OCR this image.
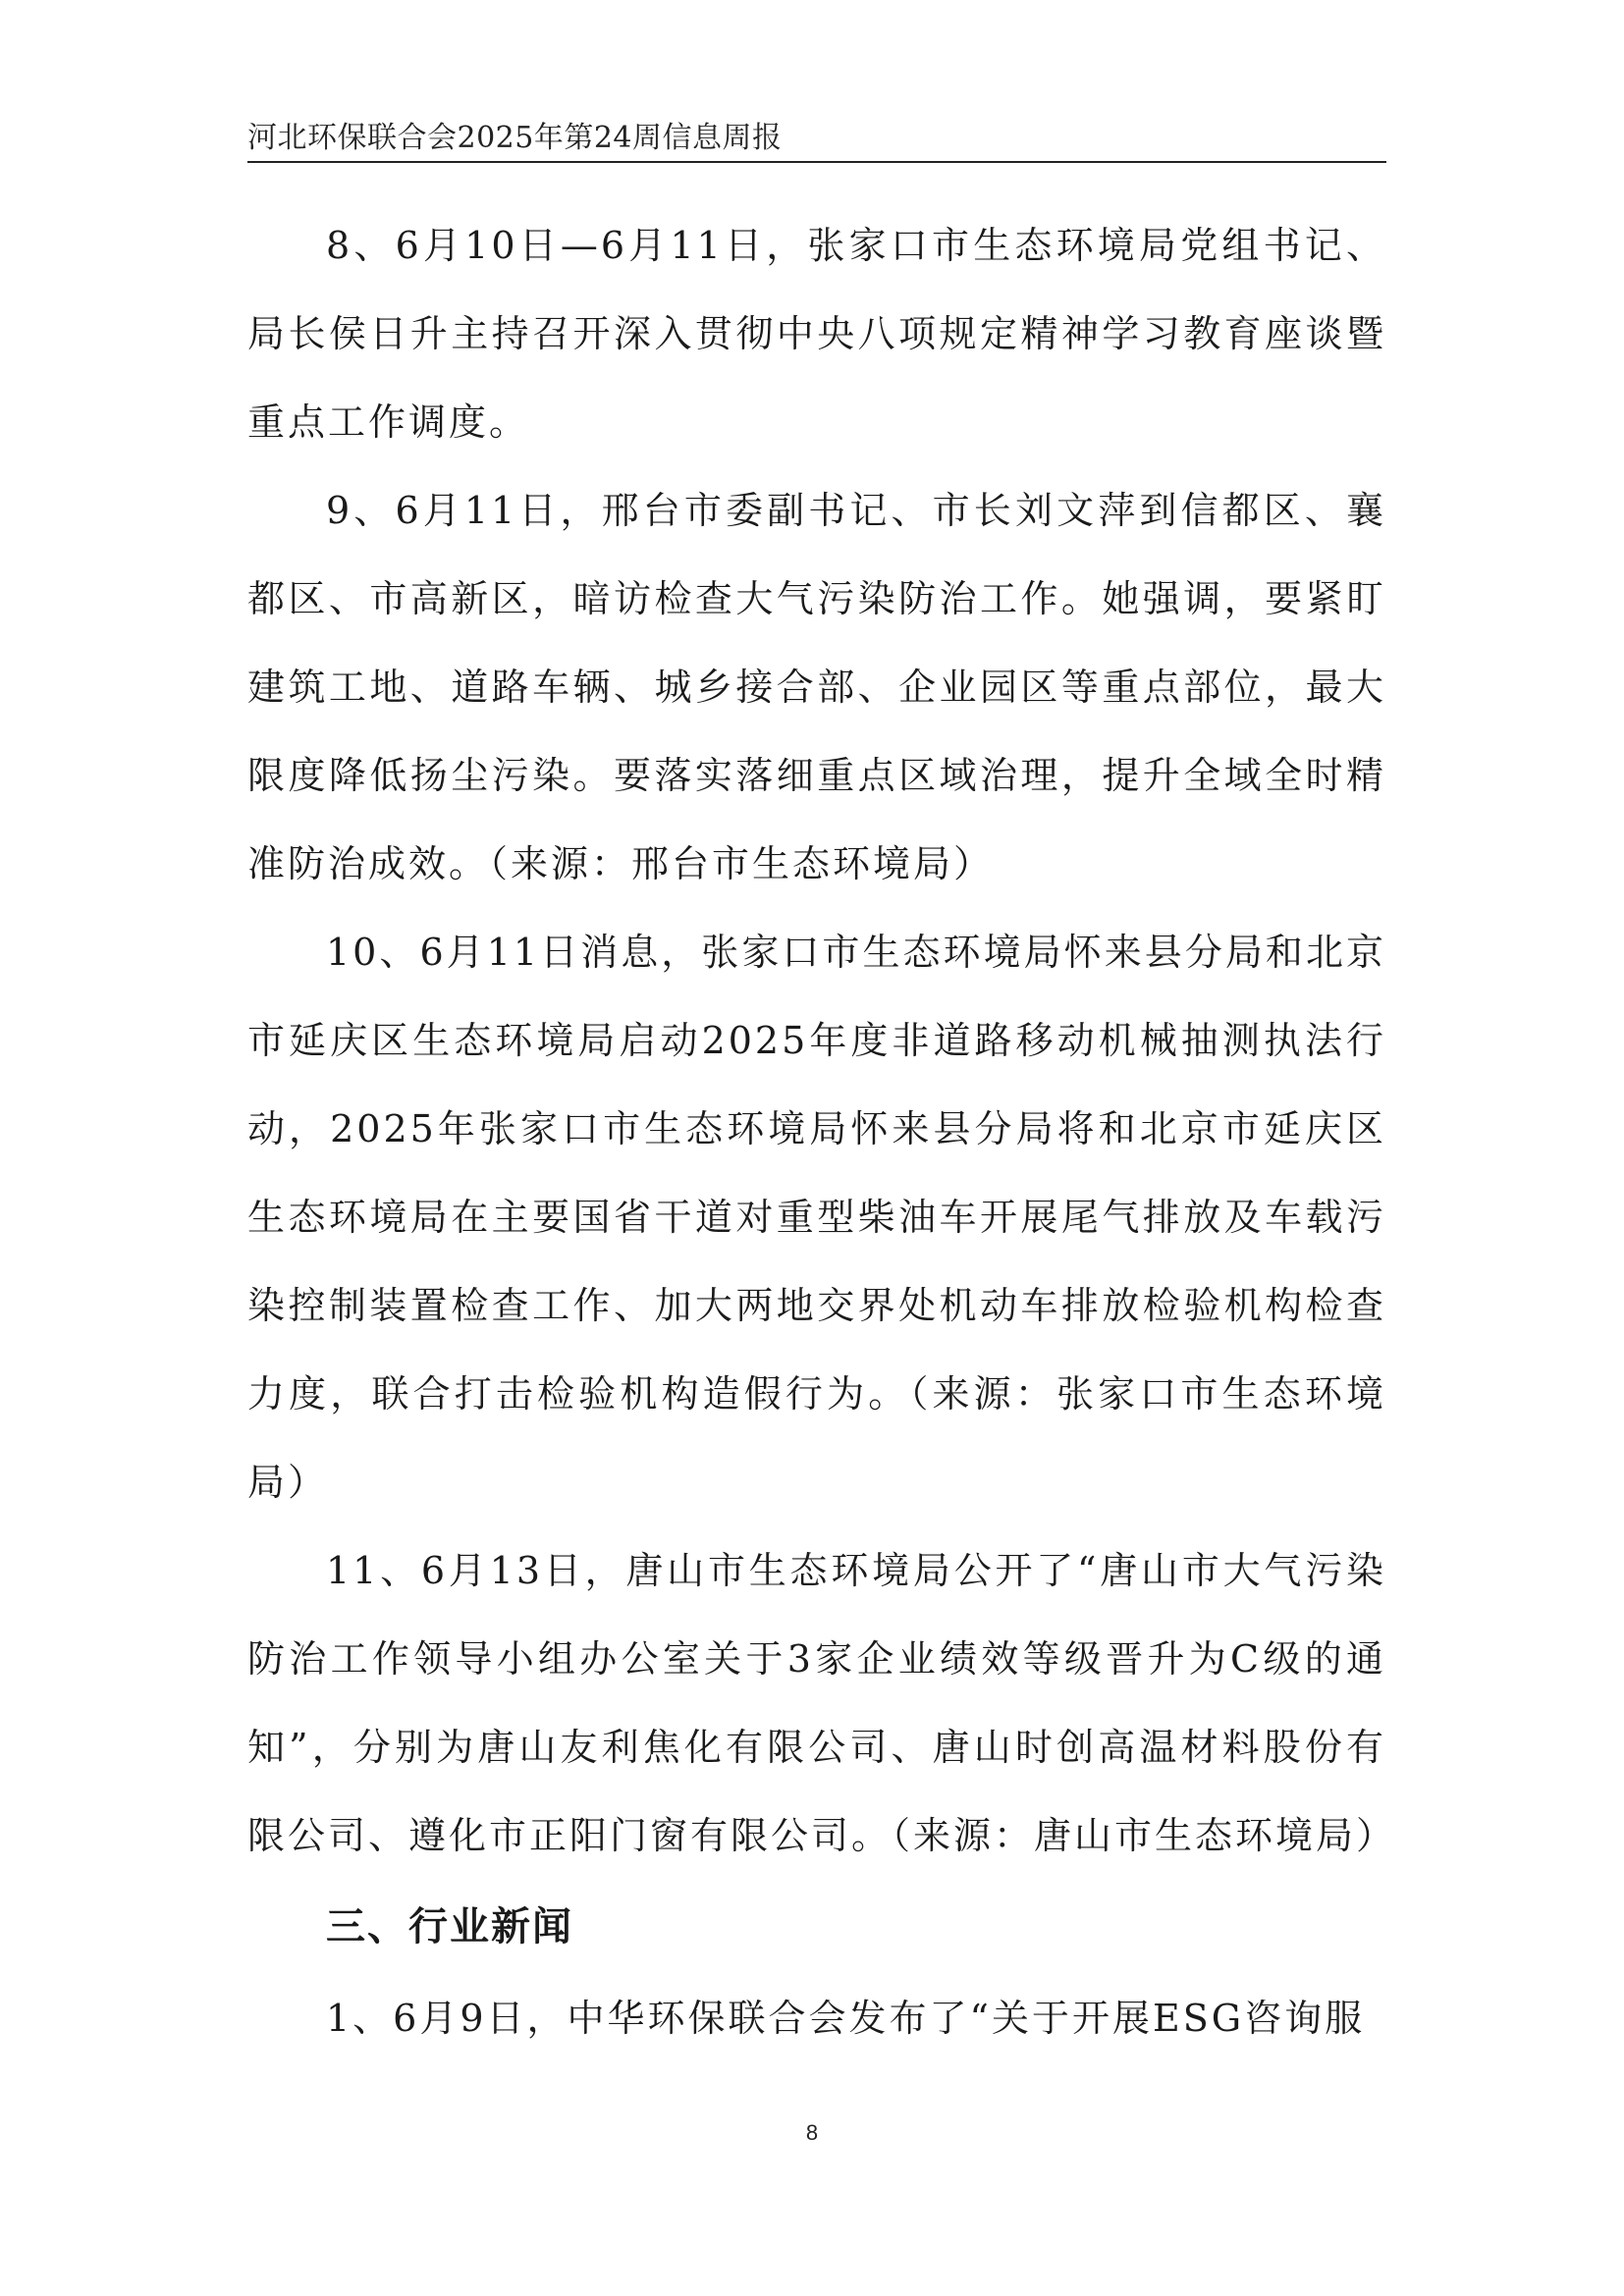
河北环保联合会2025年第24周信息周报

8、6月10日—6月11日，张家口市生态环境局党组书记、局长侯日升主持召开深入贯彻中央八项规定精神学习教育座谈暨重点工作调度。

9、6月11日，邢台市委副书记、市长刘文萍到信都区、襄都区、市高新区，暗访检查大气污染防治工作。她强调，要紧盯建筑工地、道路车辆、城乡接合部、企业园区等重点部位，最大限度降低扬尘污染。要落实落细重点区域治理，提升全域全时精准防治成效。（来源：邢台市生态环境局）

10、6月11日消息，张家口市生态环境局怀来县分局和北京市延庆区生态环境局启动2025年度非道路移动机械抽测执法行动，2025年张家口市生态环境局怀来县分局将和北京市延庆区生态环境局在主要国省干道对重型柴油车开展尾气排放及车载污染控制装置检查工作、加大两地交界处机动车排放检验机构检查力度，联合打击检验机构造假行为。（来源：张家口市生态环境局）

11、6月13日，唐山市生态环境局公开了“唐山市大气污染防治工作领导小组办公室关于3家企业绩效等级晋升为C级的通知”，分别为唐山友利焦化有限公司、唐山时创高温材料股份有限公司、遵化市正阳门窗有限公司。（来源：唐山市生态环境局）

三、行业新闻

1、6月9日，中华环保联合会发布了“关于开展ESG咨询服

8
